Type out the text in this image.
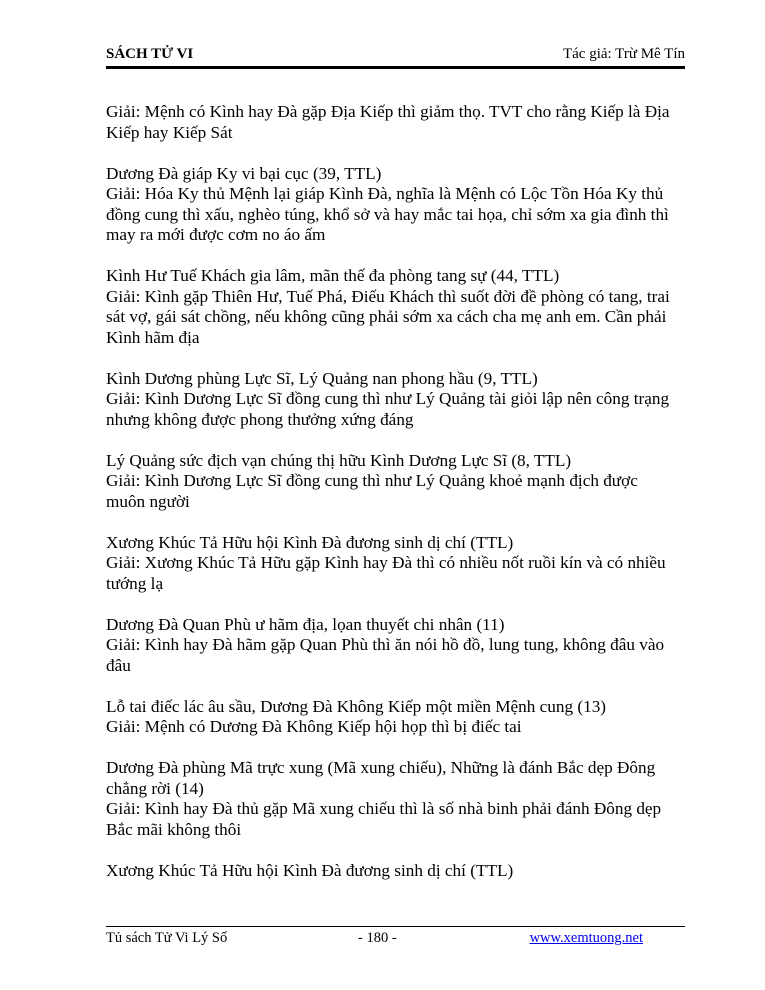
SÁCH TỬ VI	Tác giả: Trừ Mê Tín

Giải: Mệnh có Kình hay Đà gặp Địa Kiếp thì giảm thọ. TVT cho rằng Kiếp là Địa

Kiếp hay Kiếp Sát

Dương Đà giáp Ky vi bại cục (39, TTL)

Giải: Hóa Ky thủ Mệnh lại giáp Kình Đà, nghĩa là Mệnh có Lộc Tồn Hóa Ky thủ

đồng cung thì xấu, nghèo túng, khổ sở và hay mắc tai họa, chỉ sớm xa gia đình thì

may ra mới được cơm no áo ấm

Kình Hư Tuế Khách gia lâm, mãn thế đa phòng tang sự (44, TTL)

Giải: Kình gặp Thiên Hư, Tuế Phá, Điếu Khách thì suốt đời đề phòng có tang, trai

sát vợ, gái sát chồng, nếu không cũng phải sớm xa cách cha mẹ anh em. Cần phải

Kình hãm địa

Kình Dương phùng Lực Sĩ, Lý Quảng nan phong hầu (9, TTL)

Giải: Kình Dương Lực Sĩ đồng cung thì như Lý Quảng tài giỏi lập nên công trạng

nhưng không được phong thưởng xứng đáng

Lý Quảng sức địch vạn chúng thị hữu Kình Dương Lực Sĩ (8, TTL)

Giải: Kình Dương Lực Sĩ đồng cung thì như Lý Quảng khoẻ mạnh địch được

muôn người

Xương Khúc Tả Hữu hội Kình Đà đương sinh dị chí (TTL)

Giải: Xương Khúc Tả Hữu gặp Kình hay Đà thì có nhiều nốt ruồi kín và có nhiều

tướng lạ

Dương Đà Quan Phù ư hãm địa, lọan thuyết chi nhân (11)

Giải: Kình hay Đà hãm gặp Quan Phù thì ăn nói hồ đồ, lung tung, không đâu vào

đâu

Lỗ tai điếc lác âu sầu, Dương Đà Không Kiếp một miền Mệnh cung (13)

Giải: Mệnh có Dương Đà Không Kiếp hội họp thì bị điếc tai

Dương Đà phùng Mã trực xung (Mã xung chiếu), Những là đánh Bắc dẹp Đông

chẳng rời (14)

Giải: Kình hay Đà thủ gặp Mã xung chiếu thì là số nhà binh phải đánh Đông dẹp

Bắc mãi không thôi

Xương Khúc Tả Hữu hội Kình Đà đương sinh dị chí (TTL)

Tủ sách Tử Vi Lý Số	- 180 -	www.xemtuong.net
